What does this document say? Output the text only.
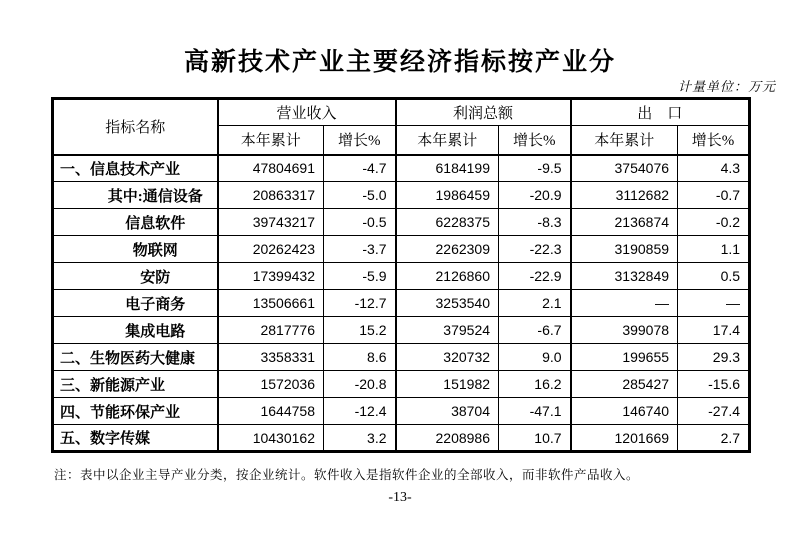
高新技术产业主要经济指标按产业分
计量单位：万元
指标名称	营业收入		利润总额		出　口	
	本年累计	增长%	本年累计	增长%	本年累计	增长%
一、信息技术产业	47804691	-4.7	6184199	-9.5	3754076	4.3
其中:通信设备	20863317	-5.0	1986459	-20.9	3112682	-0.7
信息软件	39743217	-0.5	6228375	-8.3	2136874	-0.2
物联网	20262423	-3.7	2262309	-22.3	3190859	1.1
安防	17399432	-5.9	2126860	-22.9	3132849	0.5
电子商务	13506661	-12.7	3253540	2.1	—	—
集成电路	2817776	15.2	379524	-6.7	399078	17.4
二、生物医药大健康	3358331	8.6	320732	9.0	199655	29.3
三、新能源产业	1572036	-20.8	151982	16.2	285427	-15.6
四、节能环保产业	1644758	-12.4	38704	-47.1	146740	-27.4
五、数字传媒	10430162	3.2	2208986	10.7	1201669	2.7
注：表中以企业主导产业分类，按企业统计。软件收入是指软件企业的全部收入，而非软件产品收入。
-13-
